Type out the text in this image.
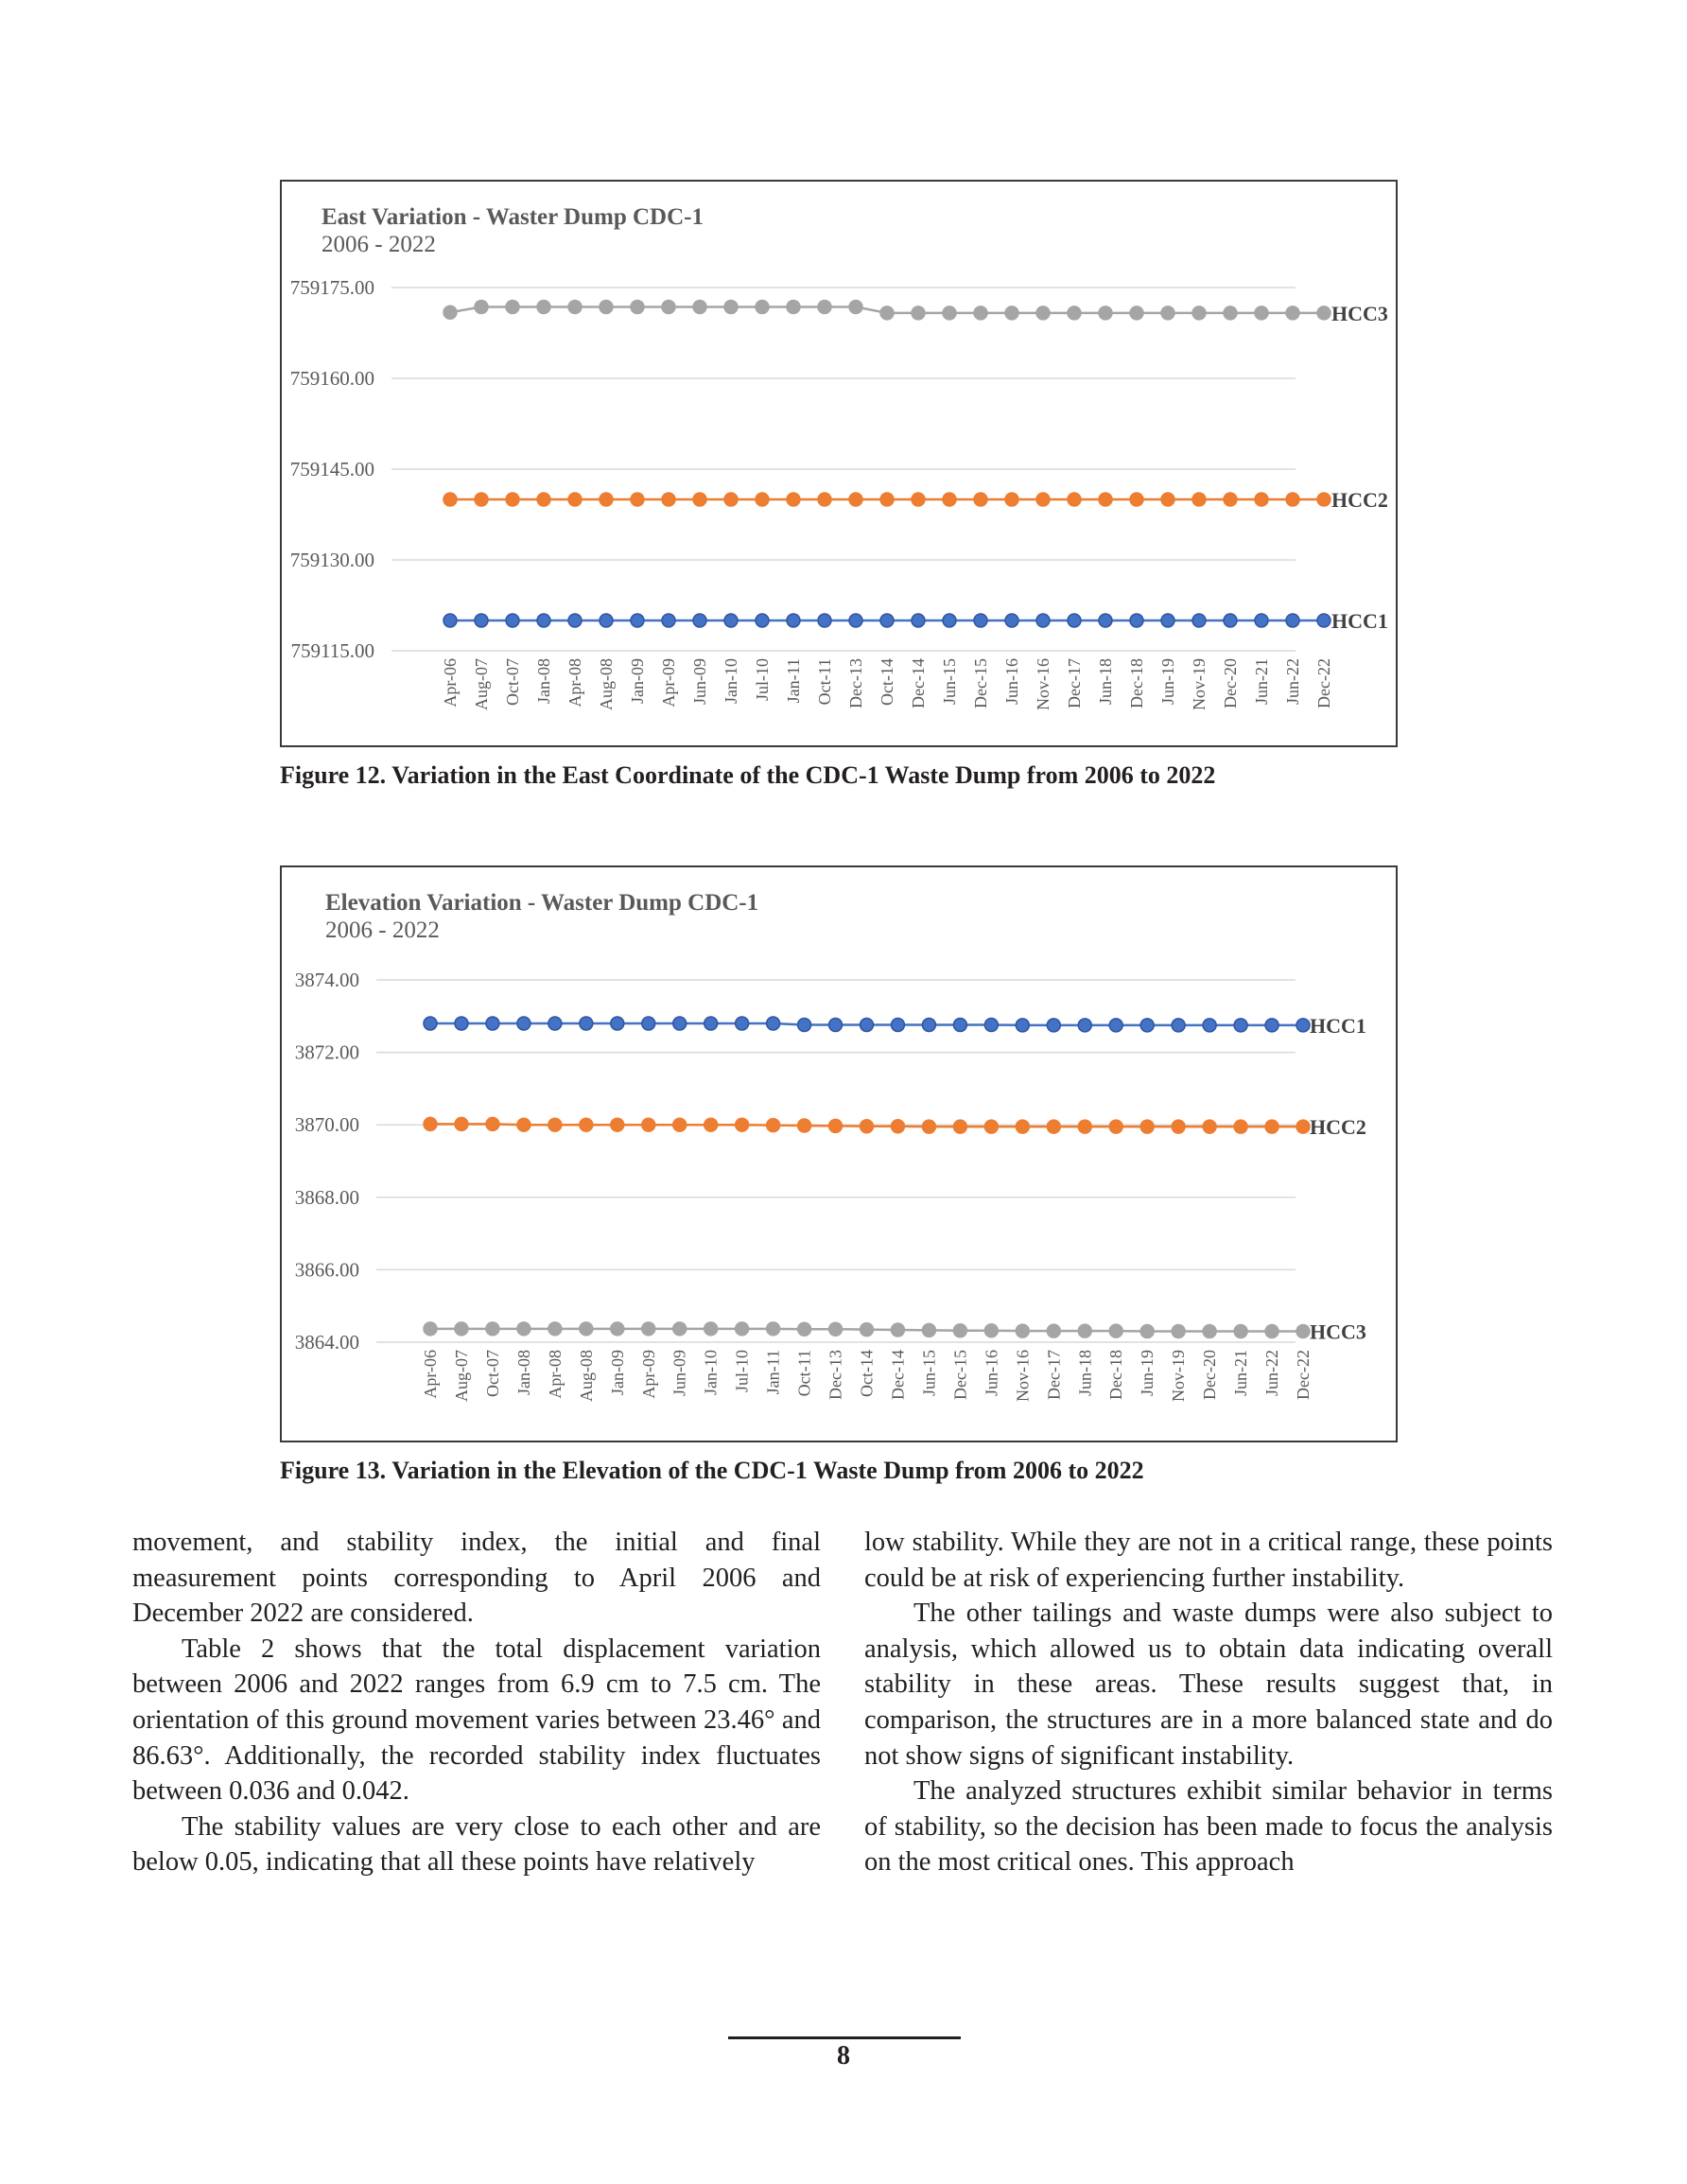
East Variation - Waster Dump CDC-1
2006 - 2022
759175.00
759160.00
759145.00
759130.00
759115.00
Apr-06 Aug-07 Oct-07 Jan-08 Apr-08 Aug-08 Jan-09 Apr-09 Jun-09 Jan-10 Jul-10 Jan-11 Oct-11 Dec-13 Oct-14 Dec-14 Jun-15 Dec-15 Jun-16 Nov-16 Dec-17 Jun-18 Dec-18 Jun-19 Nov-19 Dec-20 Jun-21 Jun-22 Dec-22
HCC3
HCC2
HCC1
Figure 12. Variation in the East Coordinate of the CDC-1 Waste Dump from 2006 to 2022
Elevation Variation - Waster Dump CDC-1
2006 - 2022
3874.00
3872.00
3870.00
3868.00
3866.00
3864.00
Apr-06 Aug-07 Oct-07 Jan-08 Apr-08 Aug-08 Jan-09 Apr-09 Jun-09 Jan-10 Jul-10 Jan-11 Oct-11 Dec-13 Oct-14 Dec-14 Jun-15 Dec-15 Jun-16 Nov-16 Dec-17 Jun-18 Dec-18 Jun-19 Nov-19 Dec-20 Jun-21 Jun-22 Dec-22
HCC1
HCC2
HCC3
Figure 13. Variation in the Elevation of the CDC-1 Waste Dump from 2006 to 2022

movement, and stability index, the initial and final measurement points corresponding to April 2006 and December 2022 are considered.

Table 2 shows that the total displacement variation between 2006 and 2022 ranges from 6.9 cm to 7.5 cm. The orientation of this ground movement varies between 23.46° and 86.63°. Additionally, the recorded stability index fluctuates between 0.036 and 0.042.

The stability values are very close to each other and are below 0.05, indicating that all these points have relatively

low stability. While they are not in a critical range, these points could be at risk of experiencing further instability.

The other tailings and waste dumps were also subject to analysis, which allowed us to obtain data indicating overall stability in these areas. These results suggest that, in comparison, the structures are in a more balanced state and do not show signs of significant instability.

The analyzed structures exhibit similar behavior in terms of stability, so the decision has been made to focus the analysis on the most critical ones. This approach

8
